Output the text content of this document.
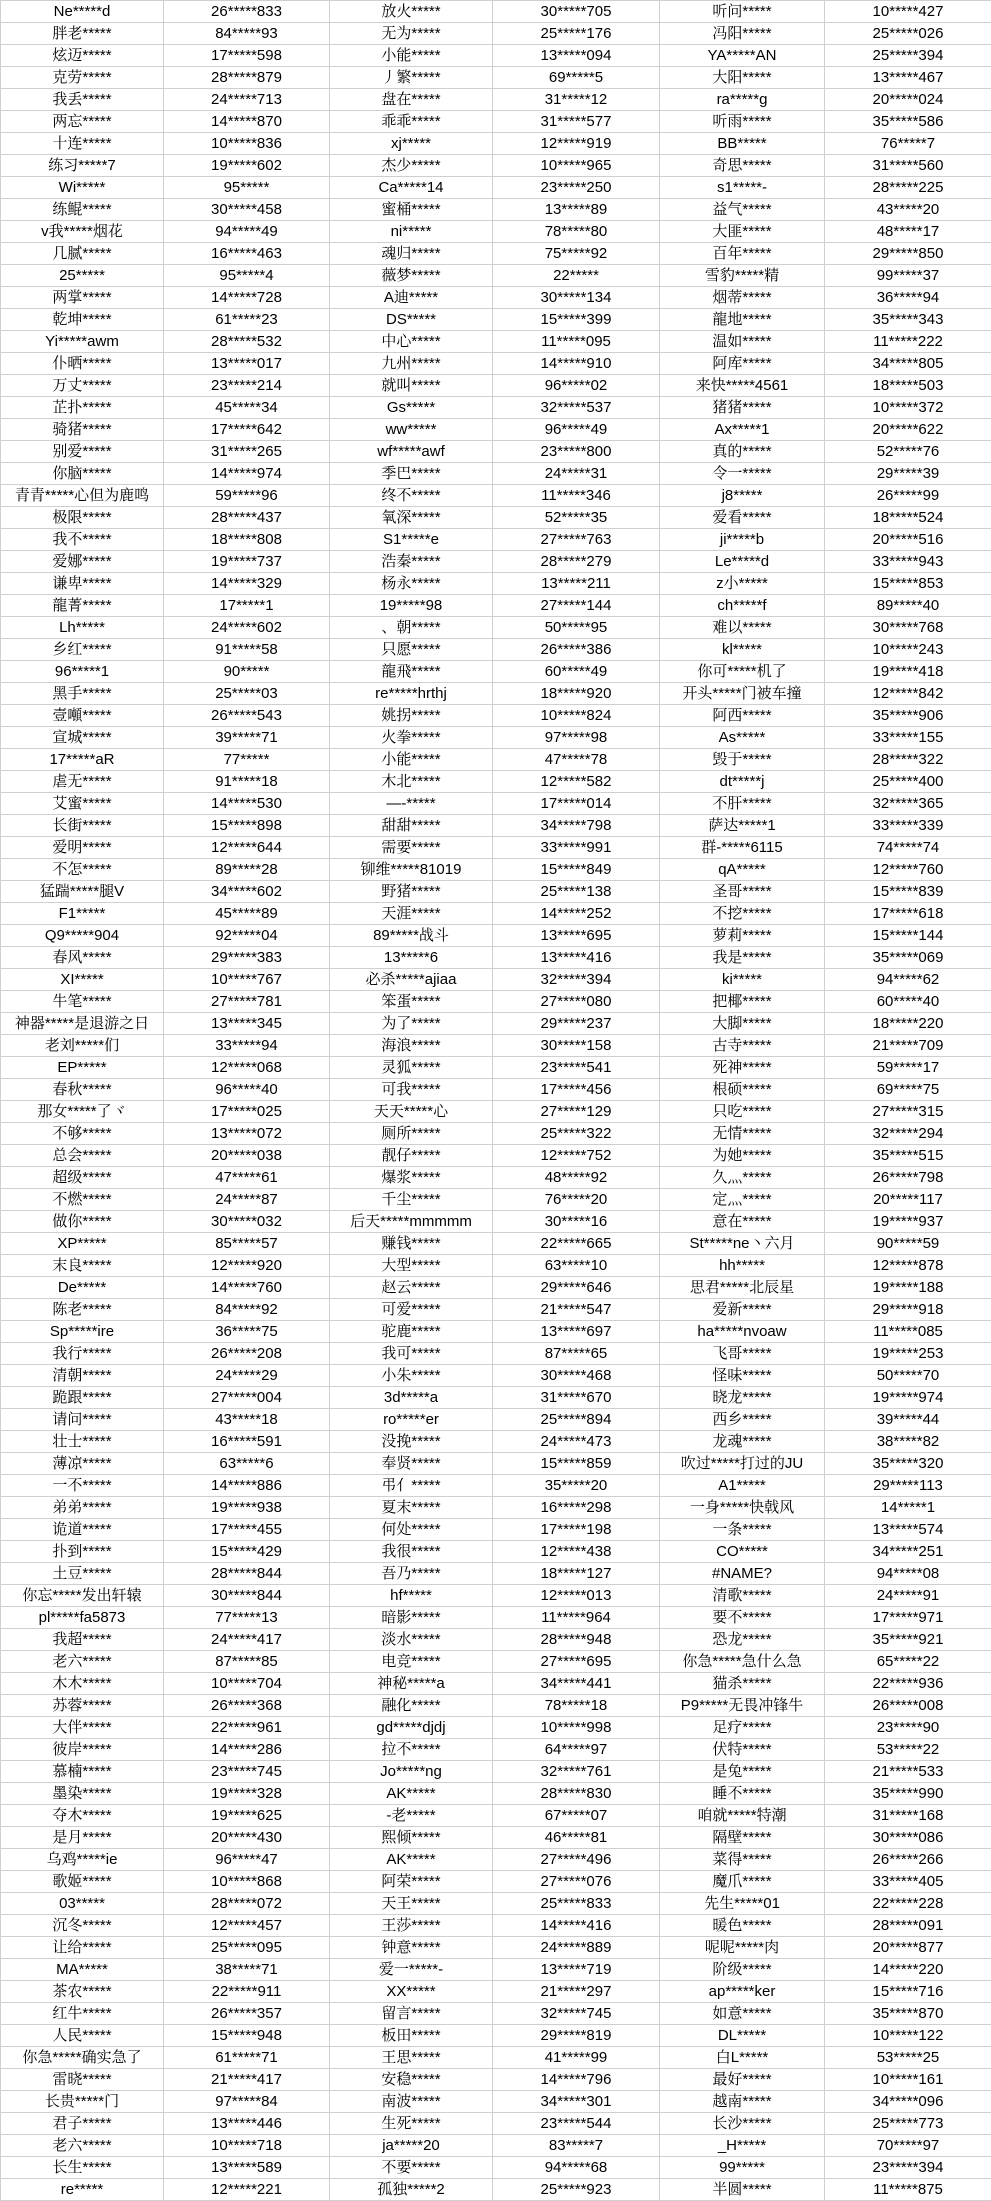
Ne*****d	26*****833	放火*****	30*****705	听问*****	10*****427
胖老*****	84*****93	无为*****	25*****176	冯阳*****	25*****026
炫迈*****	17*****598	小能*****	13*****094	YA*****AN	25*****394
克劳*****	28*****879	丿繁*****	69*****5	大阳*****	13*****467
我丢*****	24*****713	盘在*****	31*****12	ra*****g	20*****024
两忘*****	14*****870	乖乖*****	31*****577	听雨*****	35*****586
十连*****	10*****836	xj*****	12*****919	BB*****	76*****7
练习*****7	19*****602	杰少*****	10*****965	奇思*****	31*****560
Wi*****	95*****	Ca*****14	23*****250	s1*****-	28*****225
练鲲*****	30*****458	蜜桶*****	13*****89	益气*****	43*****20
v我*****烟花	94*****49	ni*****	78*****80	大匪*****	48*****17
几腻*****	16*****463	魂归*****	75*****92	百年*****	29*****850
25*****	95*****4	薇梦*****	22*****	雪豹*****精	99*****37
两掌*****	14*****728	A迪*****	30*****134	烟蒂*****	36*****94
乾坤*****	61*****23	DS*****	15*****399	龍地*****	35*****343
Yi*****awm	28*****532	中心*****	11*****095	温如*****	11*****222
仆晒*****	13*****017	九州*****	14*****910	阿库*****	34*****805
万丈*****	23*****214	就叫*****	96*****02	来快*****4561	18*****503
芷扑*****	45*****34	Gs*****	32*****537	猪猪*****	10*****372
骑猪*****	17*****642	ww*****	96*****49	Ax*****1	20*****622
别爱*****	31*****265	wf*****awf	23*****800	真的*****	52*****76
你脑*****	14*****974	季巴*****	24*****31	令一*****	29*****39
青青*****心但为鹿鸣	59*****96	终不*****	11*****346	j8*****	26*****99
极限*****	28*****437	氧深*****	52*****35	爱看*****	18*****524
我不*****	18*****808	S1*****e	27*****763	ji*****b	20*****516
爱娜*****	19*****737	浩秦*****	28*****279	Le*****d	33*****943
谦卑*****	14*****329	杨永*****	13*****211	z小*****	15*****853
龍菁*****	17*****1	19*****98	27*****144	ch*****f	89*****40
Lh*****	24*****602	、朝*****	50*****95	难以*****	30*****768
乡红*****	91*****58	只愿*****	26*****386	kl*****	10*****243
96*****1	90*****	龍飛*****	60*****49	你可*****机了	19*****418
黑手*****	25*****03	re*****hrthj	18*****920	开头*****门被车撞	12*****842
壹噸*****	26*****543	姚拐*****	10*****824	阿西*****	35*****906
宣城*****	39*****71	火拳*****	97*****98	As*****	33*****155
17*****aR	77*****	小能*****	47*****78	毁于*****	28*****322
虐无*****	91*****18	木北*****	12*****582	dt*****j	25*****400
艾蜜*****	14*****530	—-*****	17*****014	不肝*****	32*****365
长街*****	15*****898	甜甜*****	34*****798	萨达*****1	33*****339
爱明*****	12*****644	需要*****	33*****991	群-*****6115	74*****74
不怎*****	89*****28	铆维*****81019	15*****849	qA*****	12*****760
猛踹*****腿V	34*****602	野猪*****	25*****138	圣哥*****	15*****839
F1*****	45*****89	天涯*****	14*****252	不挖*****	17*****618
Q9*****904	92*****04	89*****战斗	13*****695	萝莉*****	15*****144
春风*****	29*****383	13*****6	13*****416	我是*****	35*****069
XI*****	10*****767	必杀*****ajiaa	32*****394	ki*****	94*****62
牛笔*****	27*****781	笨蛋*****	27*****080	把椰*****	60*****40
神器*****是退游之日	13*****345	为了*****	29*****237	大脚*****	18*****220
老刘*****们	33*****94	海浪*****	30*****158	古寺*****	21*****709
EP*****	12*****068	灵狐*****	23*****541	死神*****	59*****17
春秋*****	96*****40	可我*****	17*****456	根硕*****	69*****75
那女*****了ヾ	17*****025	天天*****心	27*****129	只吃*****	27*****315
不够*****	13*****072	厕所*****	25*****322	无情*****	32*****294
总会*****	20*****038	靓仔*****	12*****752	为她*****	35*****515
超级*****	47*****61	爆浆*****	48*****92	久灬*****	26*****798
不燃*****	24*****87	千尘*****	76*****20	定灬*****	20*****117
做你*****	30*****032	后天*****mmmmm	30*****16	意在*****	19*****937
XP*****	85*****57	赚钱*****	22*****665	St*****ne丶六月	90*****59
末良*****	12*****920	大型*****	63*****10	hh*****	12*****878
De*****	14*****760	赵云*****	29*****646	思君*****北辰星	19*****188
陈老*****	84*****92	可爱*****	21*****547	爱新*****	29*****918
Sp*****ire	36*****75	驼鹿*****	13*****697	ha*****nvoaw	11*****085
我行*****	26*****208	我可*****	87*****65	飞哥*****	19*****253
清朝*****	24*****29	小朱*****	30*****468	怪味*****	50*****70
跪跟*****	27*****004	3d*****a	31*****670	晓龙*****	19*****974
请问*****	43*****18	ro*****er	25*****894	西乡*****	39*****44
壮士*****	16*****591	没挽*****	24*****473	龙魂*****	38*****82
薄凉*****	63*****6	奉贤*****	15*****859	吹过*****打过的JU	35*****320
一不*****	14*****886	弔亻*****	35*****20	A1*****	29*****113
弟弟*****	19*****938	夏末*****	16*****298	一身*****快戟风	14*****1
诡道*****	17*****455	何处*****	17*****198	一条*****	13*****574
扑到*****	15*****429	我很*****	12*****438	CO*****	34*****251
土豆*****	28*****844	吾乃*****	18*****127	#NAME?	94*****08
你忘*****发出轩辕	30*****844	hf*****	12*****013	清歌*****	24*****91
pl*****fa5873	77*****13	暗影*****	11*****964	要不*****	17*****971
我超*****	24*****417	淡水*****	28*****948	恐龙*****	35*****921
老六*****	87*****85	电竞*****	27*****695	你急*****急什么急	65*****22
木木*****	10*****704	神秘*****a	34*****441	猫杀*****	22*****936
苏蓉*****	26*****368	融化*****	78*****18	P9*****无畏冲锋牛	26*****008
大伴*****	22*****961	gd*****djdj	10*****998	足疗*****	23*****90
彼岸*****	14*****286	拉不*****	64*****97	伏特*****	53*****22
慕楠*****	23*****745	Jo*****ng	32*****761	是兔*****	21*****533
墨染*****	19*****328	AK*****	28*****830	睡不*****	35*****990
夺木*****	19*****625	-老*****	67*****07	咱就*****特潮	31*****168
是月*****	20*****430	熙倾*****	46*****81	隔壁*****	30*****086
乌鸡*****ie	96*****47	AK*****	27*****496	菜得*****	26*****266
歌姬*****	10*****868	阿荣*****	27*****076	魔爪*****	33*****405
03*****	28*****072	天王*****	25*****833	先生*****01	22*****228
沉冬*****	12*****457	王莎*****	14*****416	暖色*****	28*****091
让给*****	25*****095	钟意*****	24*****889	呢呢*****肉	20*****877
MA*****	38*****71	爱一*****-	13*****719	阶级*****	14*****220
茶农*****	22*****911	XX*****	21*****297	ap*****ker	15*****716
红牛*****	26*****357	留言*****	32*****745	如意*****	35*****870
人民*****	15*****948	板田*****	29*****819	DL*****	10*****122
你急*****确实急了	61*****71	王思*****	41*****99	白L*****	53*****25
雷晓*****	21*****417	安稳*****	14*****796	最好*****	10*****161
长贵*****门	97*****84	南波*****	34*****301	越南*****	34*****096
君子*****	13*****446	生死*****	23*****544	长沙*****	25*****773
老六*****	10*****718	ja*****20	83*****7	_H*****	70*****97
长生*****	13*****589	不要*****	94*****68	99*****	23*****394
re*****	12*****221	孤独*****2	25*****923	半圆*****	11*****875
